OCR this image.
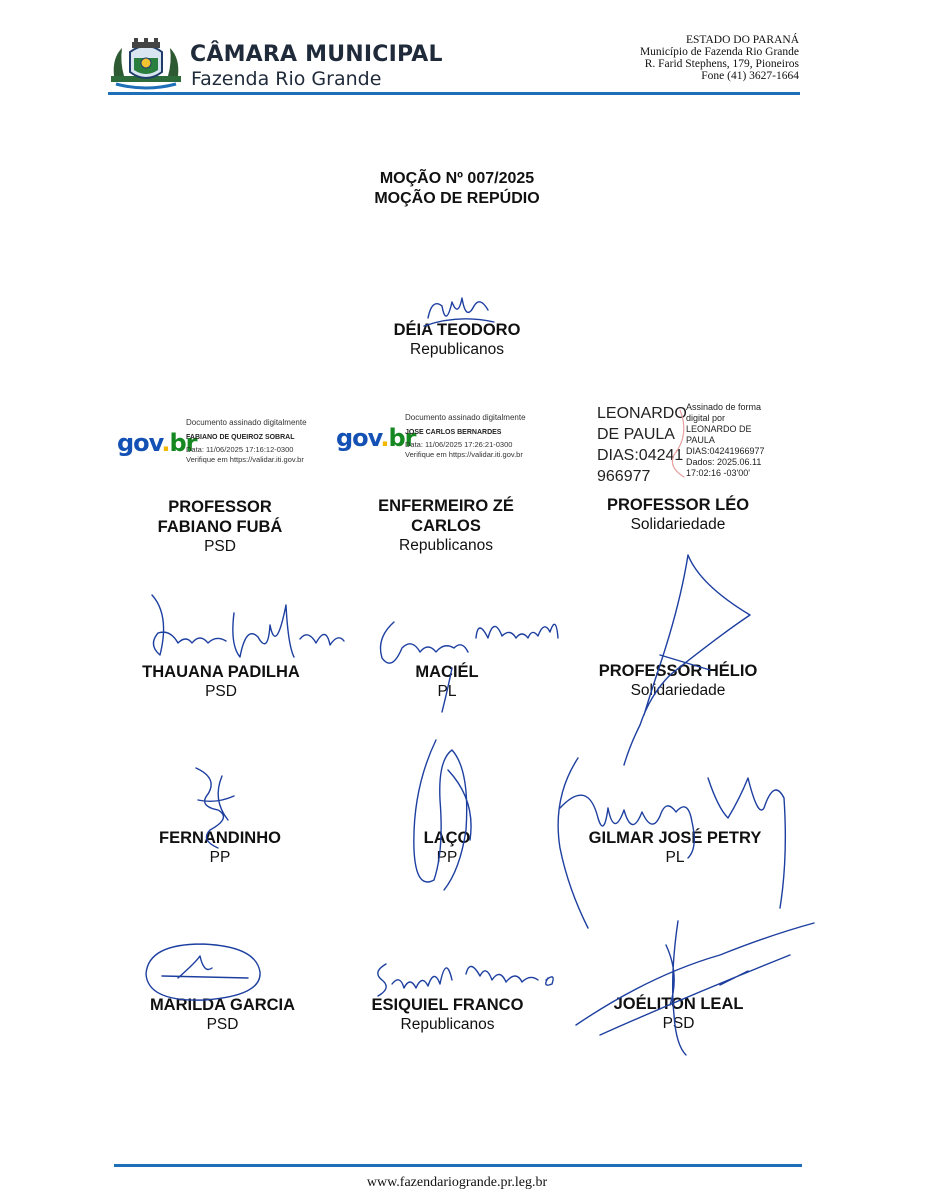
CÂMARA MUNICIPAL
Fazenda Rio Grande
ESTADO DO PARANÁ
Município de Fazenda Rio Grande
R. Farid Stephens, 179, Pioneiros
Fone (41) 3627-1664
MOÇÃO Nº 007/2025
MOÇÃO DE REPÚDIO
DÉIA TEODORO
Republicanos
gov.br
Documento assinado digitalmente
FABIANO DE QUEIROZ SOBRAL
Data: 11/06/2025 17:16:12-0300
Verifique em https://validar.iti.gov.br
gov.br
Documento assinado digitalmente
JOSE CARLOS BERNARDES
Data: 11/06/2025 17:26:21-0300
Verifique em https://validar.iti.gov.br
LEONARDO
DE PAULA
DIAS:04241
966977
Assinado de forma
digital por
LEONARDO DE
PAULA
DIAS:04241966977
Dados: 2025.06.11
17:02:16 -03'00'
PROFESSOR
FABIANO FUBÁ
PSD
ENFERMEIRO ZÉ
CARLOS
Republicanos
PROFESSOR LÉO
Solidariedade
THAUANA PADILHA
PSD
MACIÉL
PL
PROFESSOR HÉLIO
Solidariedade
FERNANDINHO
PP
LAÇO
PP
GILMAR JOSÉ PETRY
PL
MARILDA GARCIA
PSD
ESIQUIEL FRANCO
Republicanos
JOÉLITON LEAL
PSD
www.fazendariogrande.pr.leg.br
